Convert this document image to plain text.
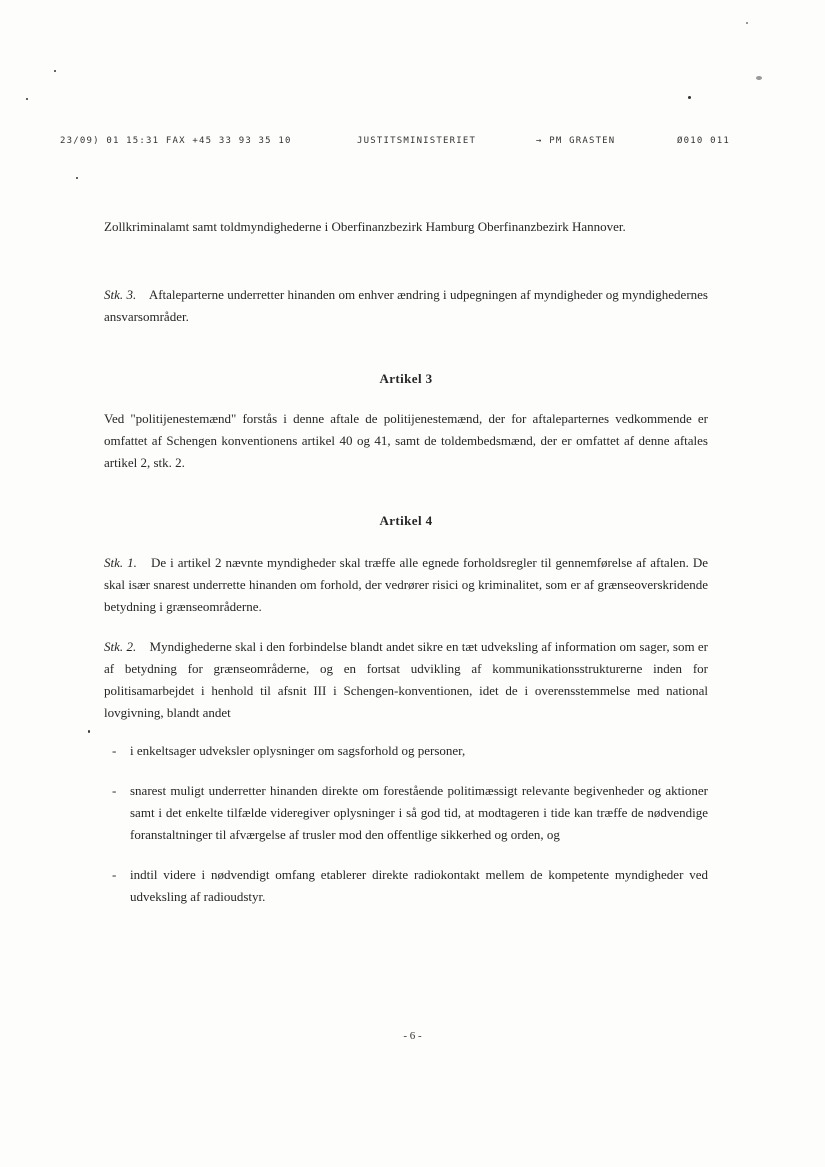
23/09) 01 15:31 FAX +45 33 93 35 10	JUSTITSMINISTERIET	→ PM GRASTEN	Ø010 011

Zollkriminalamt samt toldmyndighederne i Oberfinanzbezirk Hamburg Oberfinanzbezirk Hannover.

Stk. 3. Aftaleparterne underretter hinanden om enhver ændring i udpegningen af myndigheder og myndighedernes ansvarsområder.

Artikel 3

Ved "politijenestemænd" forstås i denne aftale de politijenestemænd, der for aftaleparternes vedkommende er omfattet af Schengen konventionens artikel 40 og 41, samt de toldembedsmænd, der er omfattet af denne aftales artikel 2, stk. 2.

Artikel 4

Stk. 1. De i artikel 2 nævnte myndigheder skal træffe alle egnede forholdsregler til gennemførelse af aftalen. De skal især snarest underrette hinanden om forhold, der vedrører risici og kriminalitet, som er af grænseoverskridende betydning i grænseområderne.

Stk. 2. Myndighederne skal i den forbindelse blandt andet sikre en tæt udveksling af information om sager, som er af betydning for grænseområderne, og en fortsat udvikling af kommunikationsstrukturerne inden for politisamarbejdet i henhold til afsnit III i Schengen-konventionen, idet de i overensstemmelse med national lovgivning, blandt andet

- i enkeltsager udveksler oplysninger om sagsforhold og personer,
- snarest muligt underretter hinanden direkte om forestående politimæssigt relevante begivenheder og aktioner samt i det enkelte tilfælde videregiver oplysninger i så god tid, at modtageren i tide kan træffe de nødvendige foranstaltninger til afværgelse af trusler mod den offentlige sikkerhed og orden, og
- indtil videre i nødvendigt omfang etablerer direkte radiokontakt mellem de kompetente myndigheder ved udveksling af radioudstyr.
- 6 -
